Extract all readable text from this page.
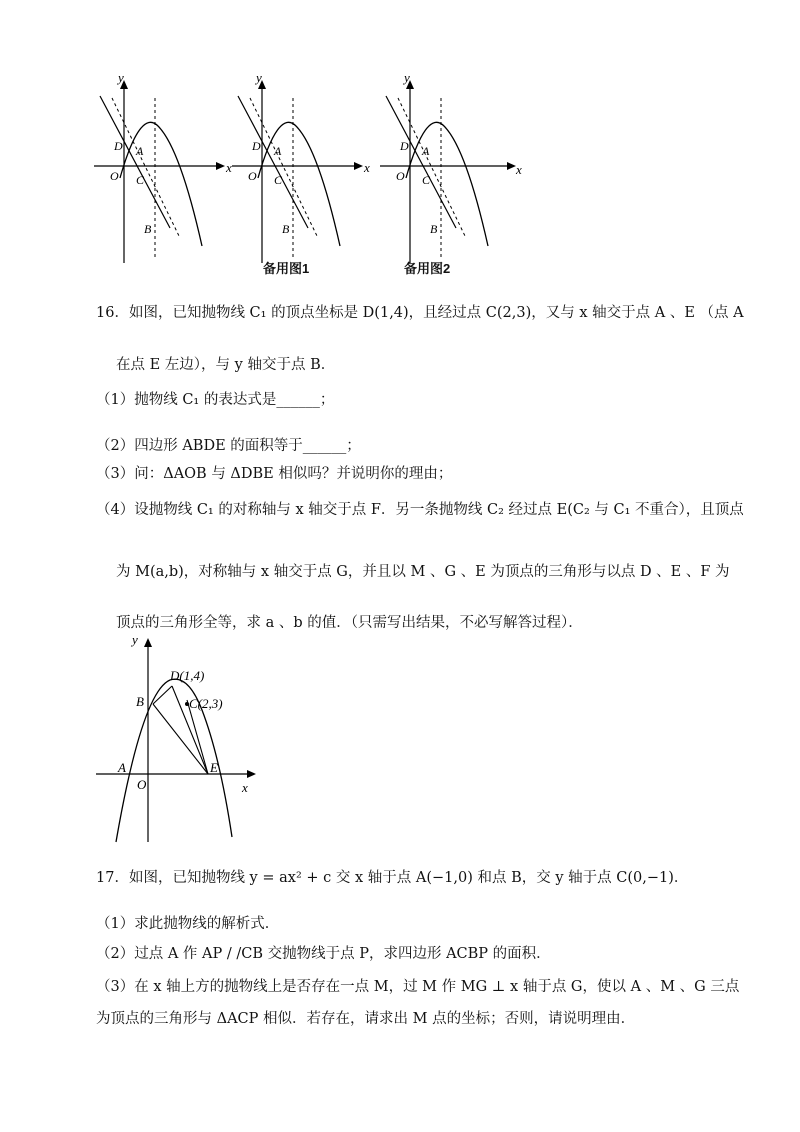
y
x
D A
O C
B
y
x
D A
O C
B
备用图1
y
x
D A
O C
B
备用图2
16．如图，已知抛物线 C₁ 的顶点坐标是 D(1,4)，且经过点 C(2,3)，又与 x 轴交于点 A 、E （点 A
在点 E 左边），与 y 轴交于点 B．
（1）抛物线 C₁ 的表达式是______；
（2）四边形 ABDE 的面积等于______；
（3）问：ΔAOB 与 ΔDBE 相似吗？并说明你的理由；
（4）设抛物线 C₁ 的对称轴与 x 轴交于点 F．另一条抛物线 C₂ 经过点 E(C₂ 与 C₁ 不重合），且顶点
为 M(a,b)，对称轴与 x 轴交于点 G，并且以 M 、G 、E 为顶点的三角形与以点 D 、E 、F 为
顶点的三角形全等，求 a 、b 的值．（只需写出结果，不必写解答过程）．
D(1,4)
C(2,3)
B
A
O
E
x
y
17．如图，已知抛物线 y = ax² + c 交 x 轴于点 A(−1,0) 和点 B，交 y 轴于点 C(0,−1)．
（1）求此抛物线的解析式．
（2）过点 A 作 AP / /CB 交抛物线于点 P，求四边形 ACBP 的面积．
（3）在 x 轴上方的抛物线上是否存在一点 M，过 M 作 MG ⊥ x 轴于点 G，使以 A 、M 、G 三点
为顶点的三角形与 ΔACP 相似．若存在，请求出 M 点的坐标；否则，请说明理由．
